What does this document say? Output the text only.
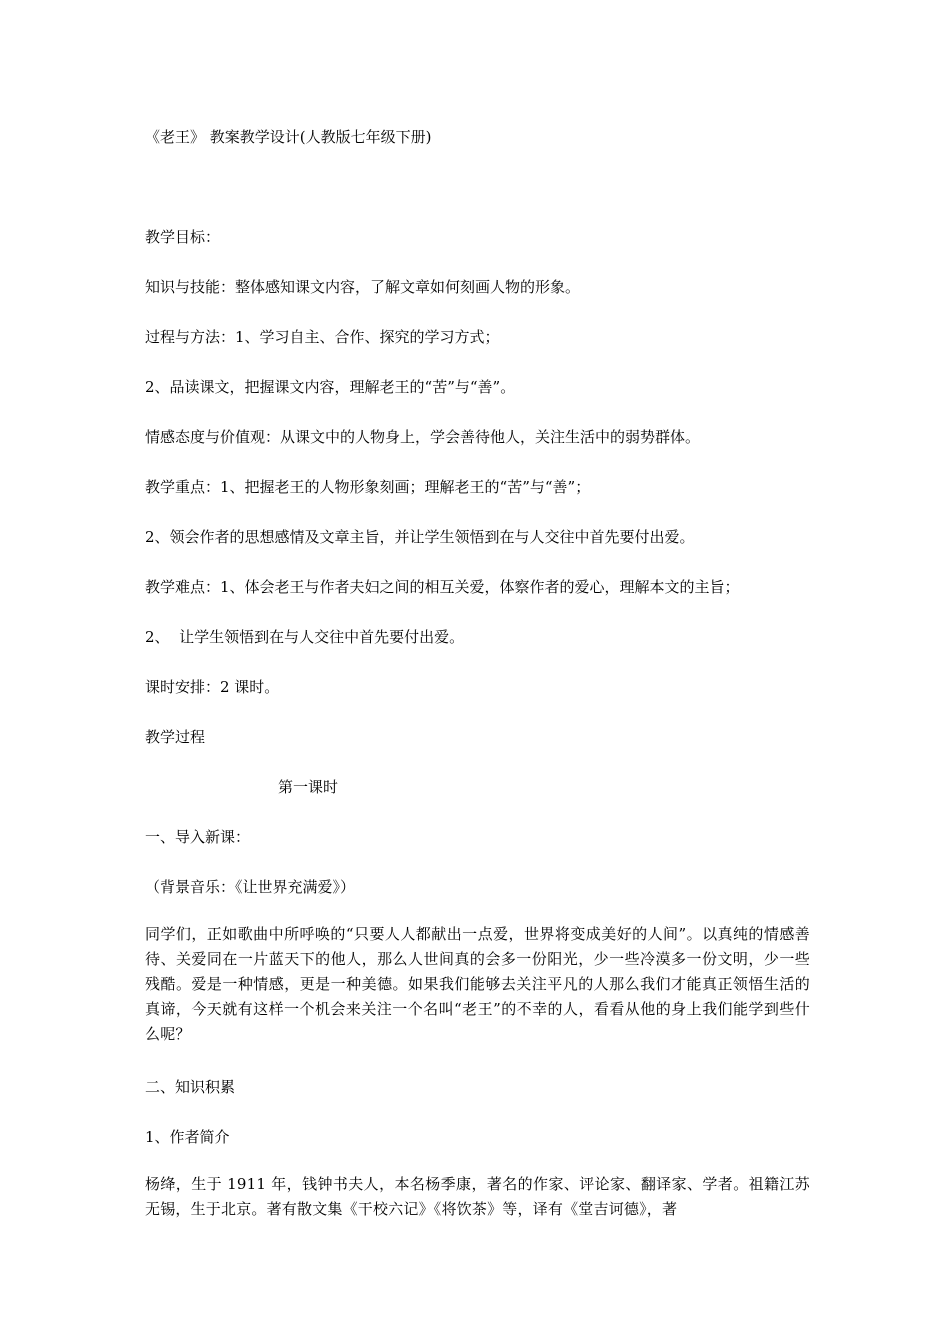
《老王》 教案教学设计(人教版七年级下册)
教学目标：
知识与技能：整体感知课文内容，了解文章如何刻画人物的形象。
过程与方法：1、学习自主、合作、探究的学习方式；
2、品读课文，把握课文内容，理解老王的“苦”与“善”。
情感态度与价值观：从课文中的人物身上，学会善待他人，关注生活中的弱势群体。
教学重点：1、把握老王的人物形象刻画；理解老王的“苦”与“善”；
2、领会作者的思想感情及文章主旨，并让学生领悟到在与人交往中首先要付出爱。
教学难点：1、体会老王与作者夫妇之间的相互关爱，体察作者的爱心，理解本文的主旨；
2、  让学生领悟到在与人交往中首先要付出爱。
课时安排：2 课时。
教学过程
第一课时
一、导入新课：
（背景音乐：《让世界充满爱》）
同学们，正如歌曲中所呼唤的“只要人人都献出一点爱，世界将变成美好的人间”。以真纯的情感善待、关爱同在一片蓝天下的他人，那么人世间真的会多一份阳光，少一些冷漠多一份文明，少一些残酷。爱是一种情感，更是一种美德。如果我们能够去关注平凡的人那么我们才能真正领悟生活的真谛，今天就有这样一个机会来关注一个名叫“老王”的不幸的人，看看从他的身上我们能学到些什么呢？
二、知识积累
1、作者简介
杨绛，生于 1911 年，钱钟书夫人，本名杨季康，著名的作家、评论家、翻译家、学者。祖籍江苏无锡，生于北京。著有散文集《干校六记》《将饮茶》等，译有《堂吉诃德》，著
